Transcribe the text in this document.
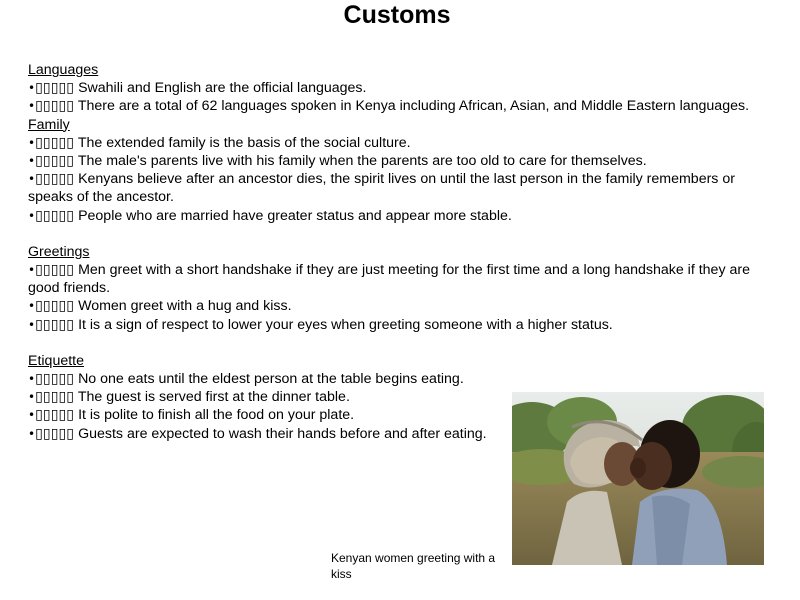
Customs
Languages
•▯▯▯▯▯ Swahili and English are the official languages.
•▯▯▯▯▯ There are a total of 62 languages spoken in Kenya including African, Asian, and Middle Eastern languages.
Family
•▯▯▯▯▯ The extended family is the basis of the social culture.
•▯▯▯▯▯ The male's parents live with his family when the parents are too old to care for themselves.
•▯▯▯▯▯ Kenyans believe after an ancestor dies, the spirit lives on until the last person in the family remembers or speaks of the ancestor.
•▯▯▯▯▯ People who are married have greater status and appear more stable.
Greetings
•▯▯▯▯▯ Men greet with a short handshake if they are just meeting for the first time and a long handshake if they are good friends.
•▯▯▯▯▯ Women greet with a hug and kiss.
•▯▯▯▯▯ It is a sign of respect to lower your eyes when greeting someone with a higher status.
Etiquette
•▯▯▯▯▯ No one eats until the eldest person at the table begins eating.
•▯▯▯▯▯ The guest is served first at the dinner table.
•▯▯▯▯▯ It is polite to finish all the food on your plate.
•▯▯▯▯▯ Guests are expected to wash their hands before and after eating.
Kenyan women greeting with a kiss
